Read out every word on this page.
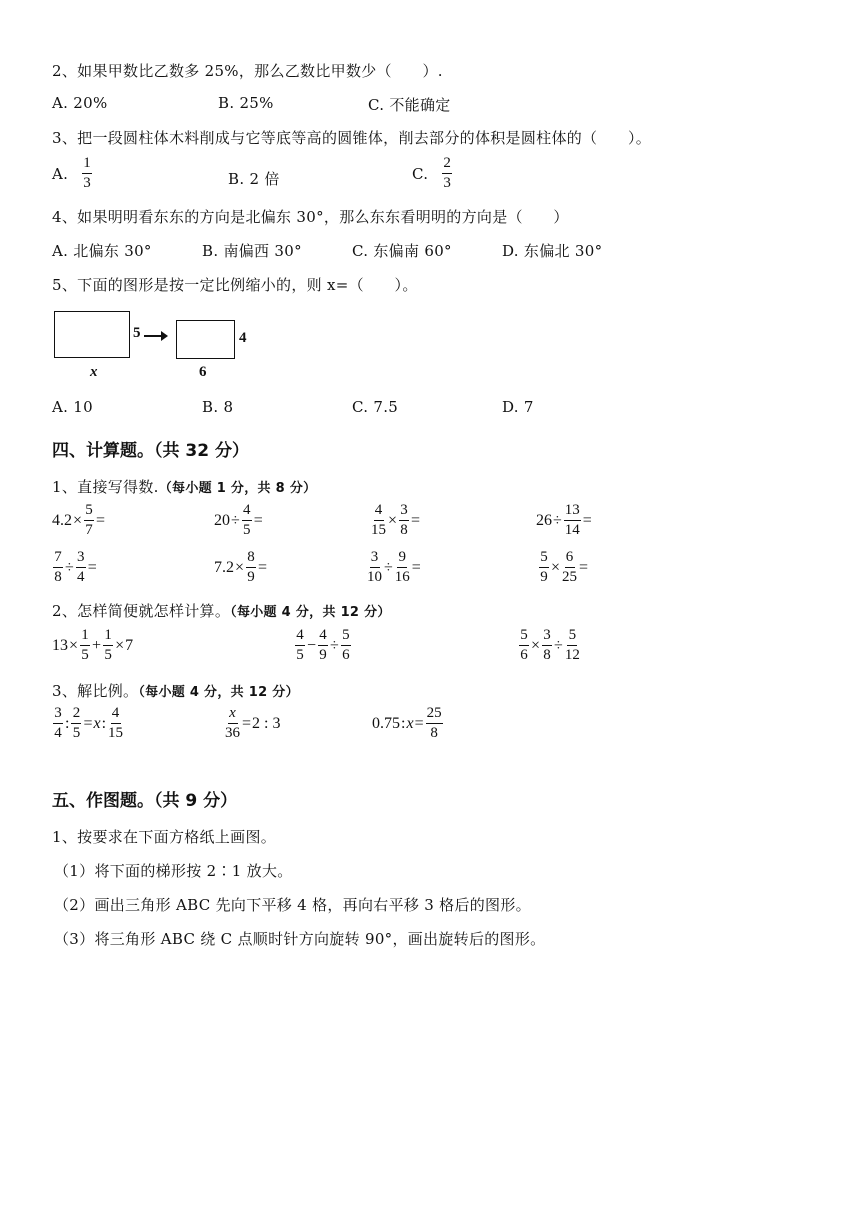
2、如果甲数比乙数多 25%，那么乙数比甲数少（　　）.
A. 20%	B. 25%	C. 不能确定
3、把一段圆柱体木料削成与它等底等高的圆锥体，削去部分的体积是圆柱体的（　　）。
A. $\frac{1}{3}$	B. 2 倍	C. $\frac{2}{3}$
4、如果明明看东东的方向是北偏东 30°，那么东东看明明的方向是（　　）
A. 北偏东 30°	B. 南偏西 30°	C. 东偏南 60°	D. 东偏北 30°
5、下面的图形是按一定比例缩小的，则 x=（　　）。
5	4
x	6
A. 10	B. 8	C. 7.5	D. 7
四、计算题。（共 32 分）
1、直接写得数.（每小题 1 分，共 8 分）
$4.2 \times \frac{5}{7}$ =	$20 \div \frac{4}{5}$ =	$\frac{4}{15} \times \frac{3}{8}$ =	$26 \div \frac{13}{14}$ =
$\frac{7}{8} \div \frac{3}{4}$ =	$7.2 \times \frac{8}{9}$ =	$\frac{3}{10} \div \frac{9}{16}$ =	$\frac{5}{9} \times \frac{6}{25}$ =
2、怎样简便就怎样计算。（每小题 4 分，共 12 分）
$13 \times \frac{1}{5} + \frac{1}{5} \times 7$	$\frac{4}{5} - \frac{4}{9} \div \frac{5}{6}$	$\frac{5}{6} \times \frac{3}{8} \div \frac{5}{12}$
3、解比例。（每小题 4 分，共 12 分）
$\frac{3}{4}$ : $\frac{2}{5} = x$ : $\frac{4}{15}$	$\frac{x}{36} = 2$ : 3	0.75 : $x = \frac{25}{8}$
五、作图题。（共 9 分）
1、按要求在下面方格纸上画图。
（1）将下面的梯形按 2∶1 放大。
（2）画出三角形 ABC 先向下平移 4 格，再向右平移 3 格后的图形。
（3）将三角形 ABC 绕 C 点顺时针方向旋转 90°，画出旋转后的图形。
